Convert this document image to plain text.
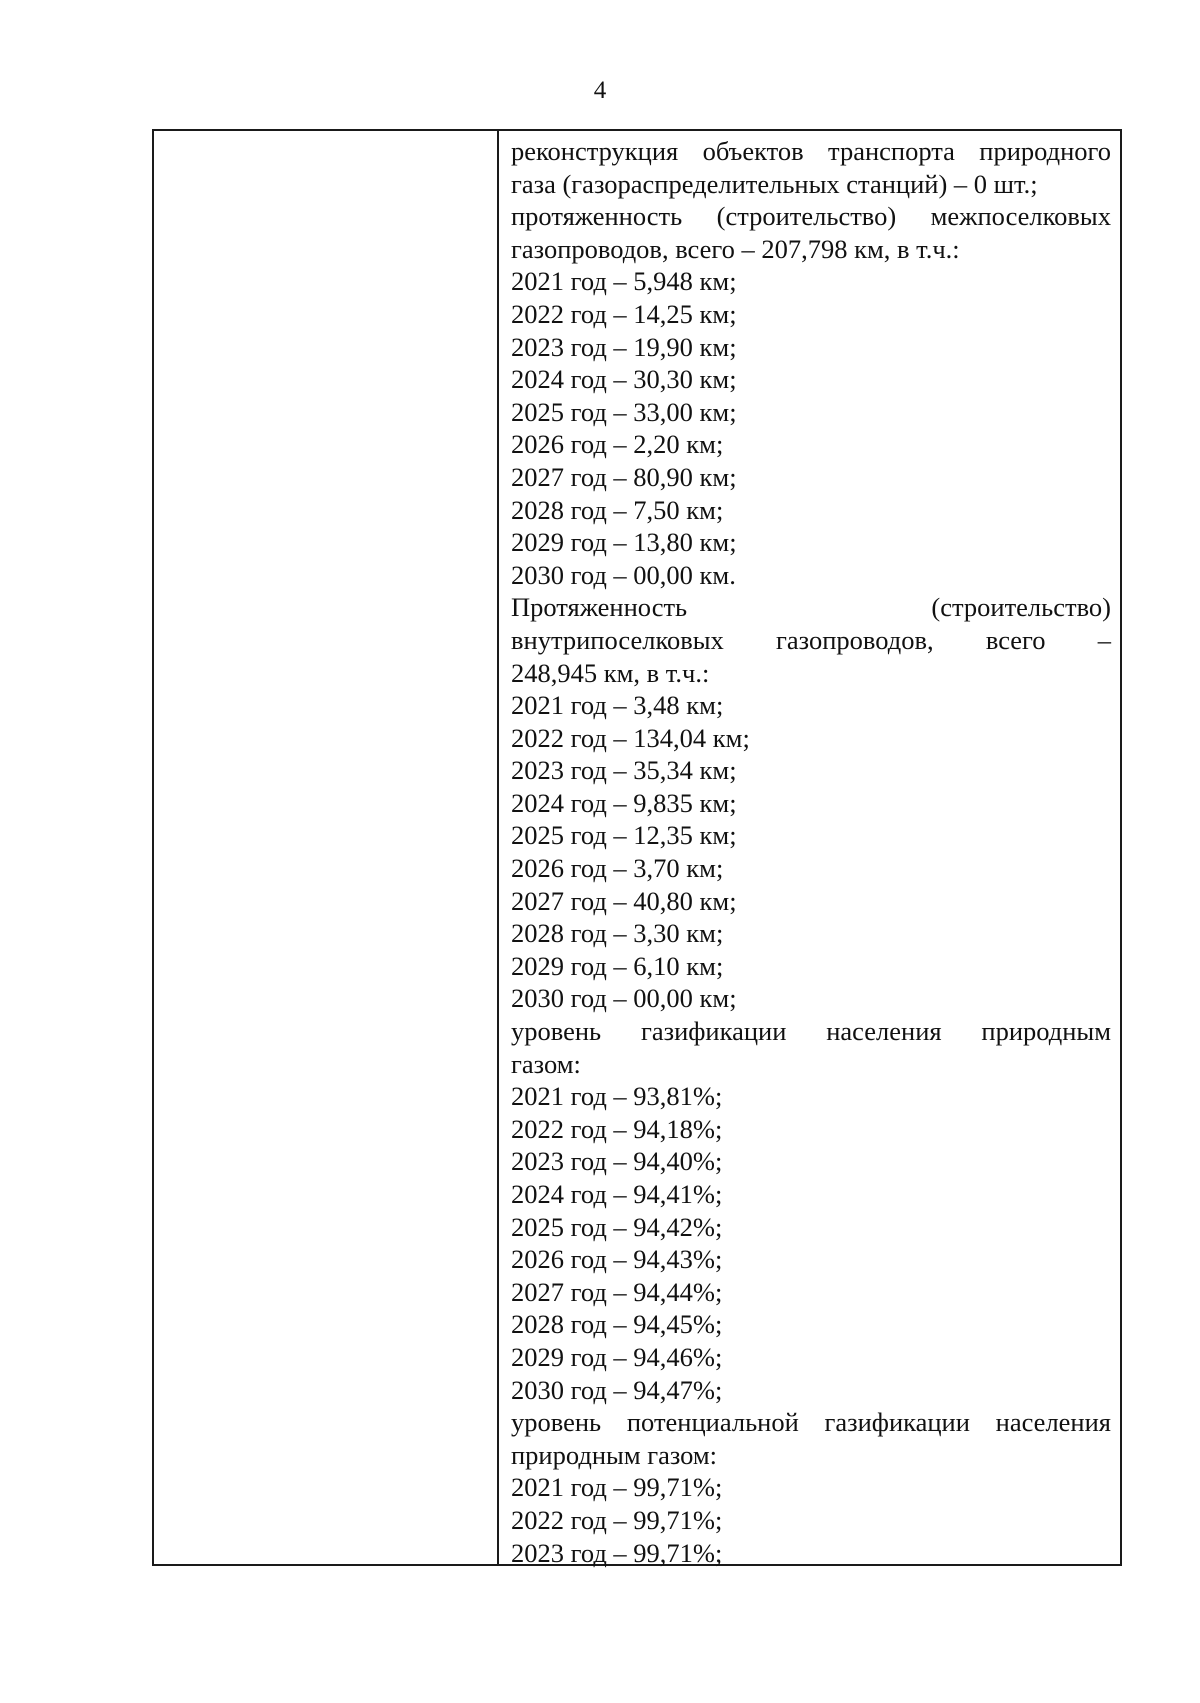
4
реконструкция объектов транспорта природного
газа (газораспределительных станций) – 0 шт.;
протяженность (строительство) межпоселковых
газопроводов, всего – 207,798 км, в т.ч.:
2021 год – 5,948 км;
2022 год – 14,25 км;
2023 год – 19,90 км;
2024 год – 30,30 км;
2025 год – 33,00 км;
2026 год – 2,20 км;
2027 год – 80,90 км;
2028 год – 7,50 км;
2029 год – 13,80 км;
2030 год – 00,00 км.
Протяженность (строительство)
внутрипоселковых газопроводов, всего –
248,945 км, в т.ч.:
2021 год – 3,48 км;
2022 год – 134,04 км;
2023 год – 35,34 км;
2024 год – 9,835 км;
2025 год – 12,35 км;
2026 год – 3,70 км;
2027 год – 40,80 км;
2028 год – 3,30 км;
2029 год – 6,10 км;
2030 год – 00,00 км;
уровень газификации населения природным
газом:
2021 год – 93,81%;
2022 год – 94,18%;
2023 год – 94,40%;
2024 год – 94,41%;
2025 год – 94,42%;
2026 год – 94,43%;
2027 год – 94,44%;
2028 год – 94,45%;
2029 год – 94,46%;
2030 год – 94,47%;
уровень потенциальной газификации населения
природным газом:
2021 год – 99,71%;
2022 год – 99,71%;
2023 год – 99,71%;
